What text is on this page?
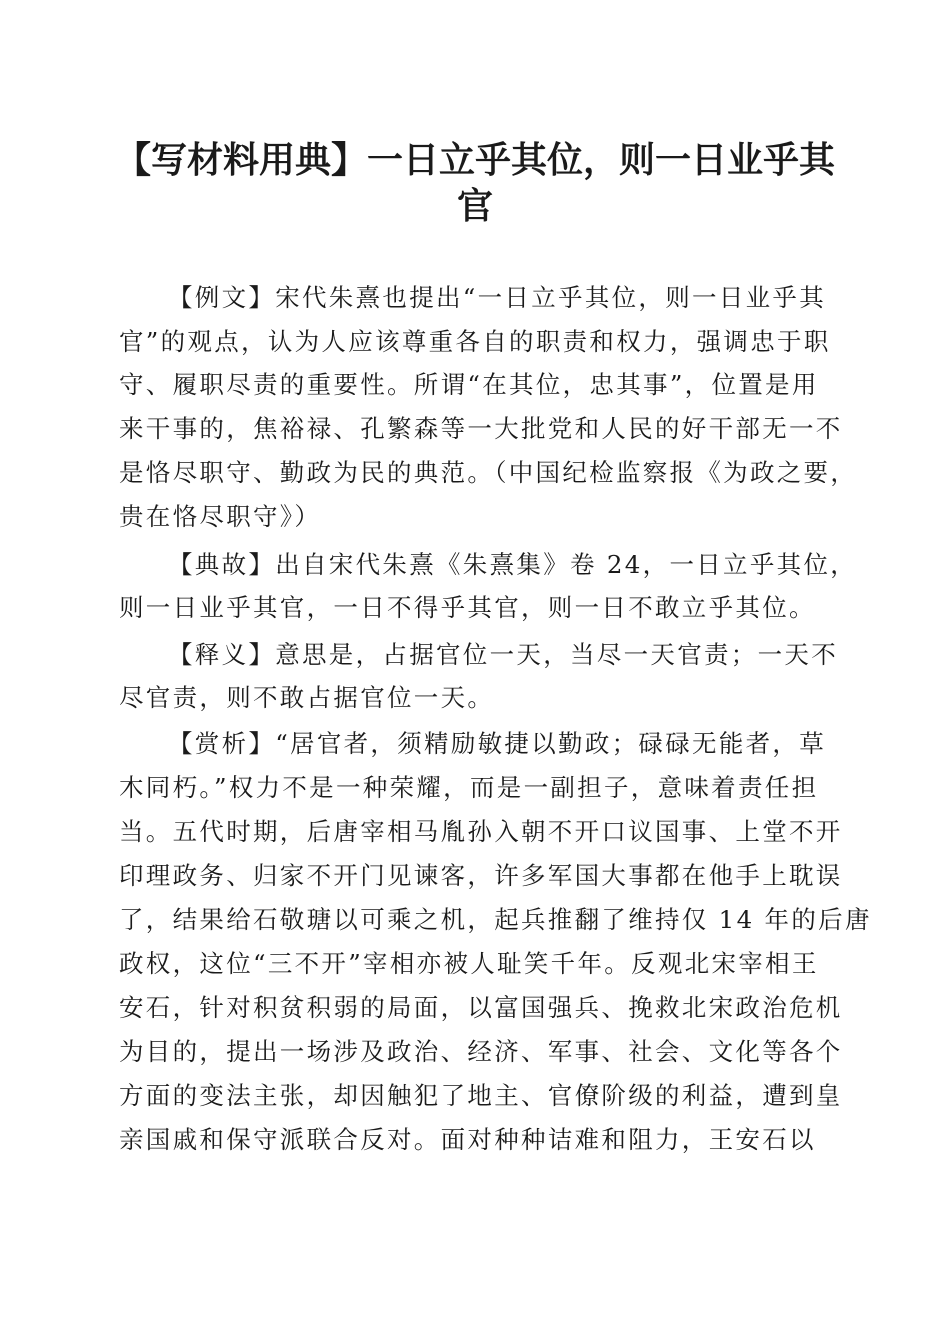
【写材料用典】一日立乎其位，则一日业乎其
官
【例文】宋代朱熹也提出“一日立乎其位，则一日业乎其
官”的观点，认为人应该尊重各自的职责和权力，强调忠于职
守、履职尽责的重要性。所谓“在其位，忠其事”，位置是用
来干事的，焦裕禄、孔繁森等一大批党和人民的好干部无一不
是恪尽职守、勤政为民的典范。（中国纪检监察报《为政之要，
贵在恪尽职守》）
【典故】出自宋代朱熹《朱熹集》卷 24，一日立乎其位，
则一日业乎其官，一日不得乎其官，则一日不敢立乎其位。
【释义】意思是，占据官位一天，当尽一天官责；一天不
尽官责，则不敢占据官位一天。
【赏析】“居官者，须精励敏捷以勤政；碌碌无能者，草
木同朽。”权力不是一种荣耀，而是一副担子，意味着责任担
当。五代时期，后唐宰相马胤孙入朝不开口议国事、上堂不开
印理政务、归家不开门见谏客，许多军国大事都在他手上耽误
了，结果给石敬瑭以可乘之机，起兵推翻了维持仅 14 年的后唐
政权，这位“三不开”宰相亦被人耻笑千年。反观北宋宰相王
安石，针对积贫积弱的局面，以富国强兵、挽救北宋政治危机
为目的，提出一场涉及政治、经济、军事、社会、文化等各个
方面的变法主张，却因触犯了地主、官僚阶级的利益，遭到皇
亲国戚和保守派联合反对。面对种种诘难和阻力，王安石以
